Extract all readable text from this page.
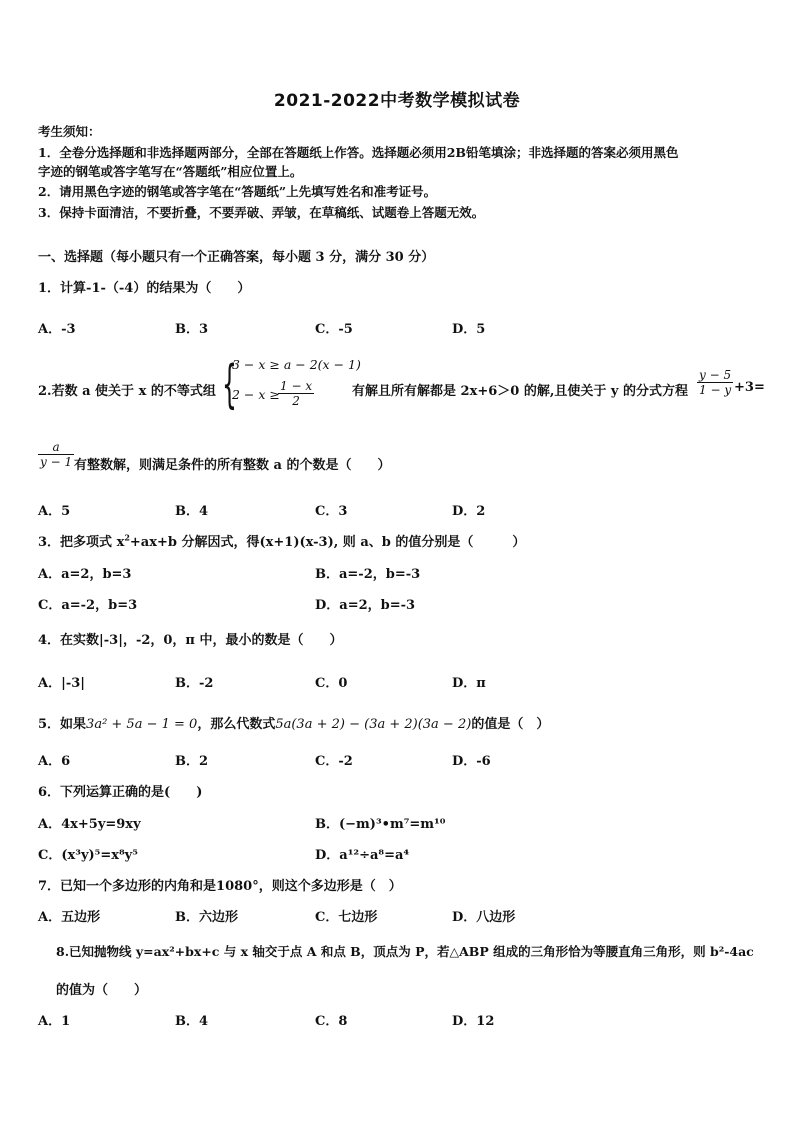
2021-2022中考数学模拟试卷
考生须知：
1．全卷分选择题和非选择题两部分，全部在答题纸上作答。选择题必须用2B铅笔填涂；非选择题的答案必须用黑色
字迹的钢笔或答字笔写在“答题纸”相应位置上。
2．请用黑色字迹的钢笔或答字笔在“答题纸”上先填写姓名和准考证号。
3．保持卡面清洁，不要折叠，不要弄破、弄皱，在草稿纸、试题卷上答题无效。
一、选择题（每小题只有一个正确答案，每小题 3 分，满分 30 分）
1．计算-1-（-4）的结果为（　　）
A．-3	B．3	C．-5	D．5
2.若数 a 使关于 x 的不等式组 {
3 − x ≥ a − 2(x − 1)
2 − x ≥
$\frac{1 - x}{2}$	有解且所有解都是 2x+6＞0 的解,且使关于 y 的分式方程 $\frac{y - 5}{1 - y} +3=$
$\frac{a}{y - 1}$ 有整数解，则满足条件的所有整数 a 的个数是（　　）
A．5	B．4	C．3	D．2
3．把多项式 $x^2+ax+b$ 分解因式，得(x+1)(x-3), 则 a、b 的值分别是（　　　）
A．a=2，b=3	B．a=-2，b=-3
C．a=-2，b=3	D．a=2，b=-3
4．在实数|-3|，-2，0，π 中，最小的数是（　　）
A．|-3|	B．-2	C．0	D．π
5．如果3a² + 5a − 1 = 0，那么代数式5a(3a + 2) − (3a + 2)(3a − 2)的值是（　）
A．6	B．2	C．-2	D．-6
6．下列运算正确的是(　　)
A．4x+5y=9xy	B．(−m)³•m⁷=m¹⁰
C．(x³y)⁵=x⁸y⁵	D．a¹²÷a⁸=a⁴
7．已知一个多边形的内角和是1080°，则这个多边形是（　）
A．五边形	B．六边形	C．七边形	D．八边形
8.已知抛物线 y=ax²+bx+c 与 x 轴交于点 A 和点 B，顶点为 P，若△ABP 组成的三角形恰为等腰直角三角形，则 b²-4ac
的值为（　　）
A．1	B．4	C．8	D．12
